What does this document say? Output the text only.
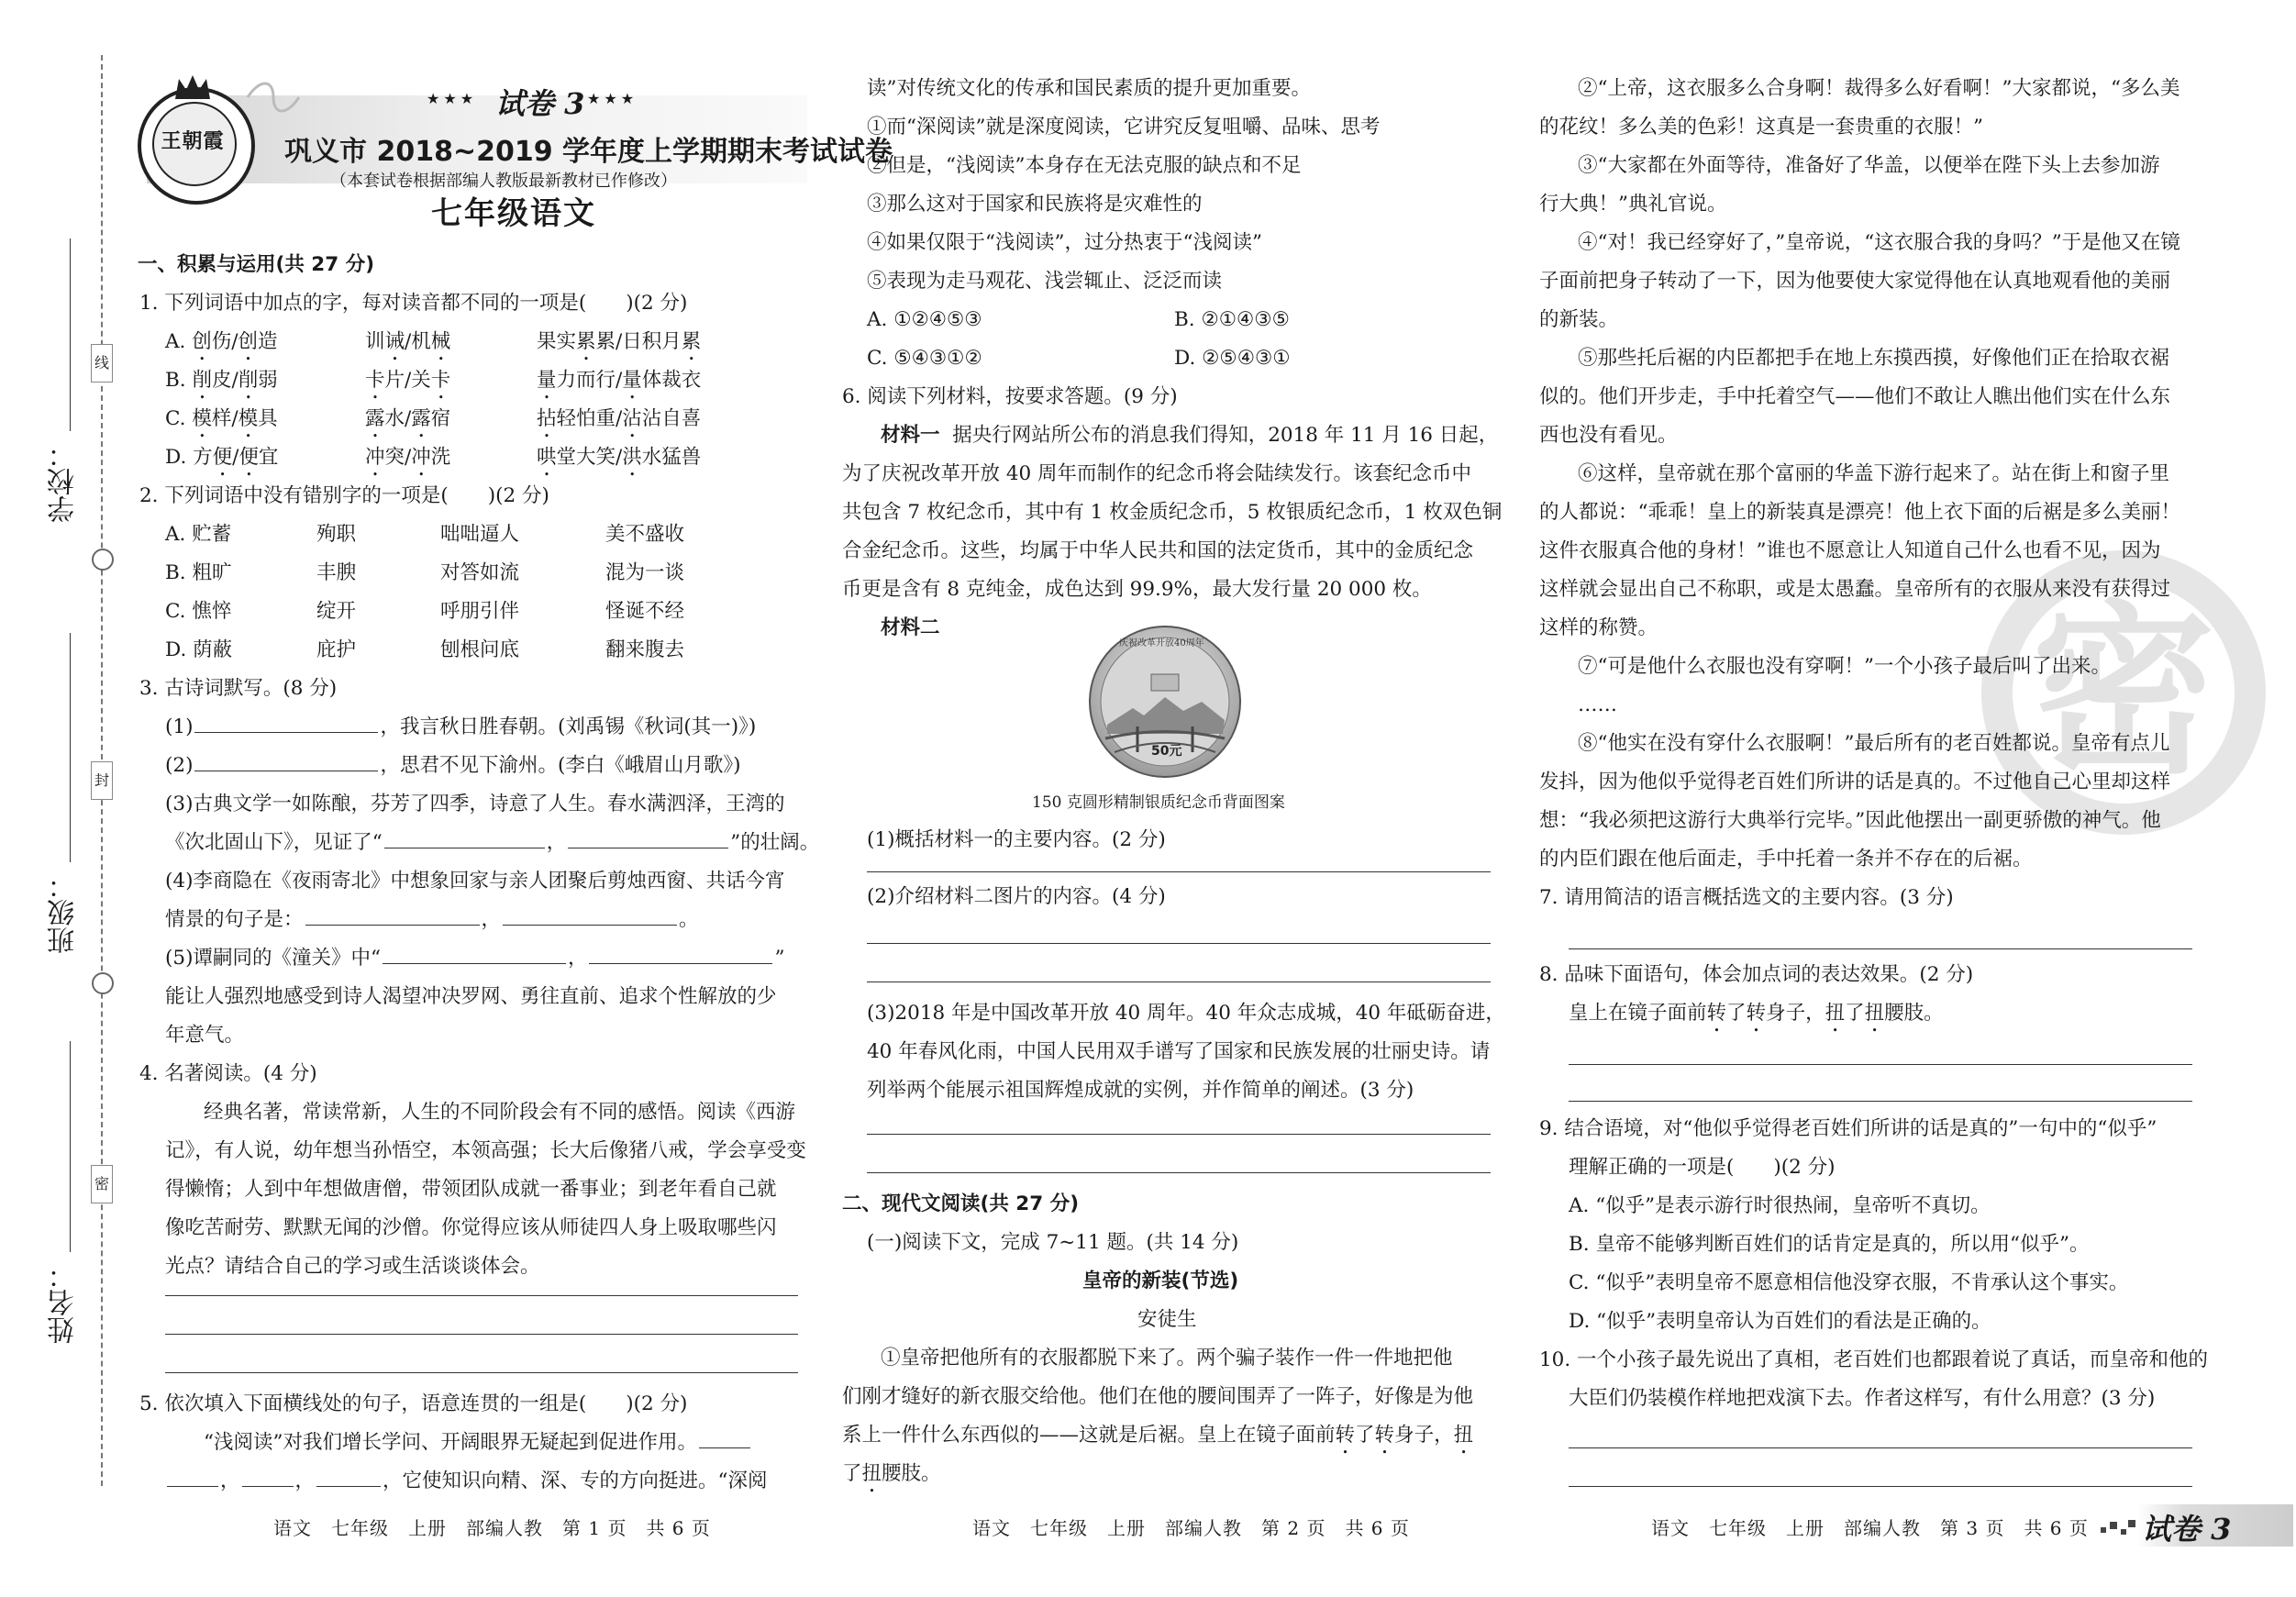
线
封
密
学校：
班级：
姓名：
王朝霞
★★★ 试卷 3 ★★★
巩义市 2018~2019 学年度上学期期末考试试卷
（本套试卷根据部编人教版最新教材已作修改）
七年级语文
一、积累与运用(共 27 分)
1. 下列词语中加点的字，每对读音都不同的一项是(　　)(2 分)
A. 创伤/创造	训诫/机械	果实累累/日积月累
B. 削皮/削弱	卡片/关卡	量力而行/量体裁衣
C. 模样/模具	露水/露宿	拈轻怕重/沾沾自喜
D. 方便/便宜	冲突/冲洗	哄堂大笑/洪水猛兽
2. 下列词语中没有错别字的一项是(　　)(2 分)
A. 贮蓄	殉职	咄咄逼人	美不盛收
B. 粗旷	丰腴	对答如流	混为一谈
C. 憔悴	绽开	呼朋引伴	怪诞不经
D. 荫蔽	庇护	刨根问底	翻来腹去
3. 古诗词默写。(8 分)
(1)	，我言秋日胜春朝。(刘禹锡《秋词(其一)》)
(2)	，思君不见下渝州。(李白《峨眉山月歌》)
(3)古典文学一如陈酿，芬芳了四季，诗意了人生。春水满泗泽，王湾的
《次北固山下》，见证了“	，	”的壮阔。
(4)李商隐在《夜雨寄北》中想象回家与亲人团聚后剪烛西窗、共话今宵
情景的句子是：	，	。
(5)谭嗣同的《潼关》中“	，	”
能让人强烈地感受到诗人渴望冲决罗网、勇往直前、追求个性解放的少
年意气。
4. 名著阅读。(4 分)
经典名著，常读常新，人生的不同阶段会有不同的感悟。阅读《西游
记》，有人说，幼年想当孙悟空，本领高强；长大后像猪八戒，学会享受变
得懒惰；人到中年想做唐僧，带领团队成就一番事业；到老年看自己就
像吃苦耐劳、默默无闻的沙僧。你觉得应该从师徒四人身上吸取哪些闪
光点？请结合自己的学习或生活谈谈体会。
5. 依次填入下面横线处的句子，语意连贯的一组是(　　)(2 分)
“浅阅读”对我们增长学问、开阔眼界无疑起到促进作用。
，	，	，它使知识向精、深、专的方向挺进。“深阅
读”对传统文化的传承和国民素质的提升更加重要。
①而“深阅读”就是深度阅读，它讲究反复咀嚼、品味、思考
②但是，“浅阅读”本身存在无法克服的缺点和不足
③那么这对于国家和民族将是灾难性的
④如果仅限于“浅阅读”，过分热衷于“浅阅读”
⑤表现为走马观花、浅尝辄止、泛泛而读
A. ①②④⑤③	B. ②①④③⑤
C. ⑤④③①②	D. ②⑤④③①
6. 阅读下列材料，按要求答题。(9 分)
材料一 据央行网站所公布的消息我们得知，2018 年 11 月 16 日起，
为了庆祝改革开放 40 周年而制作的纪念币将会陆续发行。该套纪念币中
共包含 7 枚纪念币，其中有 1 枚金质纪念币，5 枚银质纪念币，1 枚双色铜
合金纪念币。这些，均属于中华人民共和国的法定货币，其中的金质纪念
币更是含有 8 克纯金，成色达到 99.9%，最大发行量 20 000 枚。
材料二
庆祝改革开放40周年
50元
150 克圆形精制银质纪念币背面图案
(1)概括材料一的主要内容。(2 分)
(2)介绍材料二图片的内容。(4 分)
(3)2018 年是中国改革开放 40 周年。40 年众志成城，40 年砥砺奋进，
40 年春风化雨，中国人民用双手谱写了国家和民族发展的壮丽史诗。请
列举两个能展示祖国辉煌成就的实例，并作简单的阐述。(3 分)
二、现代文阅读(共 27 分)
(一)阅读下文，完成 7~11 题。(共 14 分)
皇帝的新装(节选)
安徒生
①皇帝把他所有的衣服都脱下来了。两个骗子装作一件一件地把他
们刚才缝好的新衣服交给他。他们在他的腰间围弄了一阵子，好像是为他
系上一件什么东西似的——这就是后裾。皇上在镜子面前转了转身子，扭
了扭腰肢。
密
②“上帝，这衣服多么合身啊！裁得多么好看啊！”大家都说，“多么美
的花纹！多么美的色彩！这真是一套贵重的衣服！”
③“大家都在外面等待，准备好了华盖，以便举在陛下头上去参加游
行大典！”典礼官说。
④“对！我已经穿好了，”皇帝说，“这衣服合我的身吗？”于是他又在镜
子面前把身子转动了一下，因为他要使大家觉得他在认真地观看他的美丽
的新装。
⑤那些托后裾的内臣都把手在地上东摸西摸，好像他们正在拾取衣裾
似的。他们开步走，手中托着空气——他们不敢让人瞧出他们实在什么东
西也没有看见。
⑥这样，皇帝就在那个富丽的华盖下游行起来了。站在街上和窗子里
的人都说：“乖乖！皇上的新装真是漂亮！他上衣下面的后裾是多么美丽！
这件衣服真合他的身材！”谁也不愿意让人知道自己什么也看不见，因为
这样就会显出自己不称职，或是太愚蠢。皇帝所有的衣服从来没有获得过
这样的称赞。
⑦“可是他什么衣服也没有穿啊！”一个小孩子最后叫了出来。
……
⑧“他实在没有穿什么衣服啊！”最后所有的老百姓都说。皇帝有点儿
发抖，因为他似乎觉得老百姓们所讲的话是真的。不过他自己心里却这样
想：“我必须把这游行大典举行完毕。”因此他摆出一副更骄傲的神气。他
的内臣们跟在他后面走，手中托着一条并不存在的后裾。
7. 请用简洁的语言概括选文的主要内容。(3 分)
8. 品味下面语句，体会加点词的表达效果。(2 分)
皇上在镜子面前转了转身子，扭了扭腰肢。
9. 结合语境，对“他似乎觉得老百姓们所讲的话是真的”一句中的“似乎”
理解正确的一项是(　　)(2 分)
A. “似乎”是表示游行时很热闹，皇帝听不真切。
B. 皇帝不能够判断百姓们的话肯定是真的，所以用“似乎”。
C. “似乎”表明皇帝不愿意相信他没穿衣服，不肯承认这个事实。
D. “似乎”表明皇帝认为百姓们的看法是正确的。
10. 一个小孩子最先说出了真相，老百姓们也都跟着说了真话，而皇帝和他的
大臣们仍装模作样地把戏演下去。作者这样写，有什么用意？(3 分)
语文　七年级　上册　部编人教　第 1 页　共 6 页	语文　七年级　上册　部编人教　第 2 页　共 6 页	语文　七年级　上册　部编人教　第 3 页　共 6 页 试卷 3
